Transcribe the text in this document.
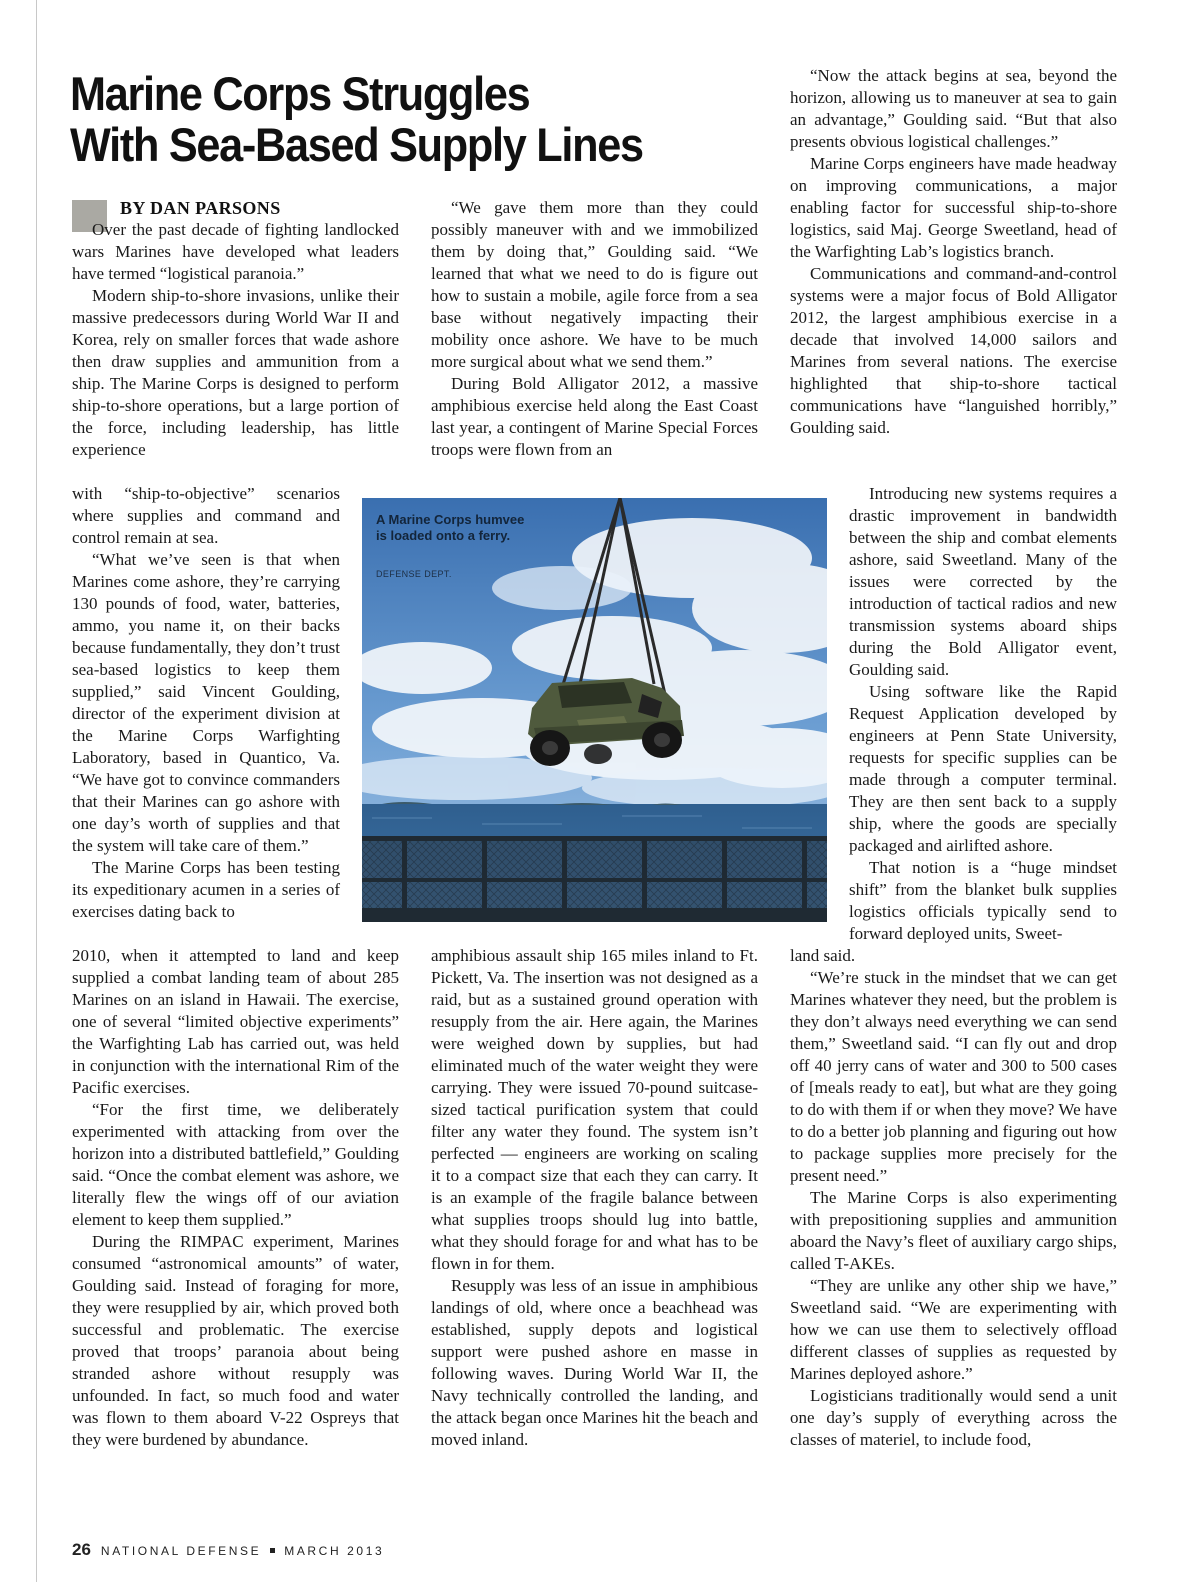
Marine Corps Struggles
With Sea-Based Supply Lines
BY DAN PARSONS

Over the past decade of fighting landlocked wars Marines have developed what leaders have termed “logistical paranoia.”

Modern ship-to-shore invasions, unlike their massive predecessors during World War II and Korea, rely on smaller forces that wade ashore then draw supplies and ammunition from a ship. The Marine Corps is designed to perform ship-to-shore operations, but a large portion of the force, including leadership, has little experience

with “ship-to-objective” scenarios where supplies and command and control remain at sea.

“What we’ve seen is that when Marines come ashore, they’re carrying 130 pounds of food, water, batteries, ammo, you name it, on their backs because fundamentally, they don’t trust sea-based logistics to keep them supplied,” said Vincent Goulding, director of the experiment division at the Marine Corps Warfighting Laboratory, based in Quantico, Va. “We have got to convince commanders that their Marines can go ashore with one day’s worth of supplies and that the system will take care of them.”

The Marine Corps has been testing its expeditionary acumen in a series of exercises dating back to

2010, when it attempted to land and keep supplied a combat landing team of about 285 Marines on an island in Hawaii. The exercise, one of several “limited objective experiments” the Warfighting Lab has carried out, was held in conjunction with the international Rim of the Pacific exercises.

“For the first time, we deliberately experimented with attacking from over the horizon into a distributed battlefield,” Goulding said. “Once the combat element was ashore, we literally flew the wings off of our aviation element to keep them supplied.”

During the RIMPAC experiment, Marines consumed “astronomical amounts” of water, Goulding said. Instead of foraging for more, they were resupplied by air, which proved both successful and problematic. The exercise proved that troops’ paranoia about being stranded ashore without resupply was unfounded. In fact, so much food and water was flown to them aboard V-22 Ospreys that they were burdened by abundance.

“We gave them more than they could possibly maneuver with and we immobilized them by doing that,” Goulding said. “We learned that what we need to do is figure out how to sustain a mobile, agile force from a sea base without negatively impacting their mobility once ashore. We have to be much more surgical about what we send them.”

During Bold Alligator 2012, a massive amphibious exercise held along the East Coast last year, a contingent of Marine Special Forces troops were flown from an

amphibious assault ship 165 miles inland to Ft. Pickett, Va. The insertion was not designed as a raid, but as a sustained ground operation with resupply from the air. Here again, the Marines were weighed down by supplies, but had eliminated much of the water weight they were carrying. They were issued 70-pound suitcase-sized tactical purification system that could filter any water they found. The system isn’t perfected — engineers are working on scaling it to a compact size that each they can carry. It is an example of the fragile balance between what supplies troops should lug into battle, what they should forage for and what has to be flown in for them.

Resupply was less of an issue in amphibious landings of old, where once a beachhead was established, supply depots and logistical support were pushed ashore en masse in following waves. During World War II, the Navy technically controlled the landing, and the attack began once Marines hit the beach and moved inland.

“Now the attack begins at sea, beyond the horizon, allowing us to maneuver at sea to gain an advantage,” Goulding said. “But that also presents obvious logistical challenges.”

Marine Corps engineers have made headway on improving communications, a major enabling factor for successful ship-to-shore logistics, said Maj. George Sweetland, head of the Warfighting Lab’s logistics branch.

Communications and command-and-control systems were a major focus of Bold Alligator 2012, the largest amphibious exercise in a decade that involved 14,000 sailors and Marines from several nations. The exercise highlighted that ship-to-shore tactical communications have “languished horribly,” Goulding said.

Introducing new systems requires a drastic improvement in bandwidth between the ship and combat elements ashore, said Sweetland. Many of the issues were corrected by the introduction of tactical radios and new transmission systems aboard ships during the Bold Alligator event, Goulding said.

Using software like the Rapid Request Application developed by engineers at Penn State University, requests for specific supplies can be made through a computer terminal. They are then sent back to a supply ship, where the goods are specially packaged and airlifted ashore.

That notion is a “huge mindset shift” from the blanket bulk supplies logistics officials typically send to forward deployed units, Sweet-

land said.

“We’re stuck in the mindset that we can get Marines whatever they need, but the problem is they don’t always need everything we can send them,” Sweetland said. “I can fly out and drop off 40 jerry cans of water and 300 to 500 cases of [meals ready to eat], but what are they going to do with them if or when they move? We have to do a better job planning and figuring out how to package supplies more precisely for the present need.”

The Marine Corps is also experimenting with prepositioning supplies and ammunition aboard the Navy’s fleet of auxiliary cargo ships, called T-AKEs.

“They are unlike any other ship we have,” Sweetland said. “We are experimenting with how we can use them to selectively offload different classes of supplies as requested by Marines deployed ashore.”

Logisticians traditionally would send a unit one day’s supply of everything across the classes of materiel, to include food,

A Marine Corps humvee is loaded onto a ferry.
DEFENSE DEPT.
26 NATIONAL DEFENSE MARCH 2013
